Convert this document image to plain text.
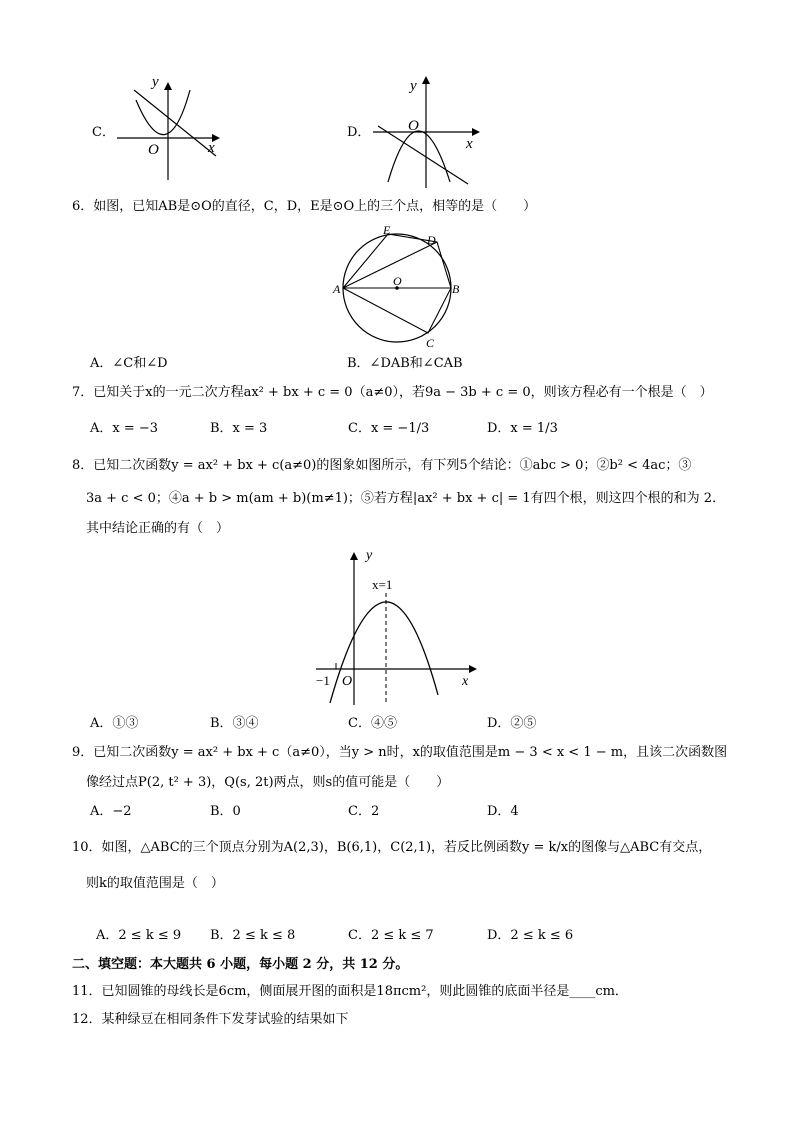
C．
y
O	x
D．
y
O
x
6．如图，已知AB是⊙O的直径，C，D，E是⊙O上的三个点，相等的是（　　）
E
D
A
O
B
C
A．∠C和∠D	B．∠DAB和∠CAB
7．已知关于x的一元二次方程ax² + bx + c = 0（a≠0），若9a − 3b + c = 0，则该方程必有一个根是（　）
A．x = −3	B．x = 3	C．x = −1/3	D．x = 1/3
8．已知二次函数y = ax² + bx + c(a≠0)的图象如图所示，有下列5个结论：①abc > 0；②b² < 4ac；③
3a + c < 0；④a + b > m(am + b)(m≠1)；⑤若方程|ax² + bx + c| = 1有四个根，则这四个根的和为 2．
其中结论正确的有（　）
y
x=1
−1 O	x
A．①③	B．③④	C．④⑤	D．②⑤
9．已知二次函数y = ax² + bx + c（a≠0），当y > n时，x的取值范围是m − 3 < x < 1 − m，且该二次函数图
像经过点P(2, t² + 3)，Q(s, 2t)两点，则s的值可能是（　　）
A．−2	B．0	C．2	D．4
10．如图，△ABC的三个顶点分别为A(2,3)，B(6,1)，C(2,1)，若反比例函数y = k/x的图像与△ABC有交点，
则k的取值范围是（　）
A．2 ≤ k ≤ 9 B．2 ≤ k ≤ 8	C．2 ≤ k ≤ 7	D．2 ≤ k ≤ 6
二、填空题：本大题共 6 小题，每小题 2 分，共 12 分。
11．已知圆锥的母线长是6cm，侧面展开图的面积是18πcm²，则此圆锥的底面半径是____cm．
12．某种绿豆在相同条件下发芽试验的结果如下
